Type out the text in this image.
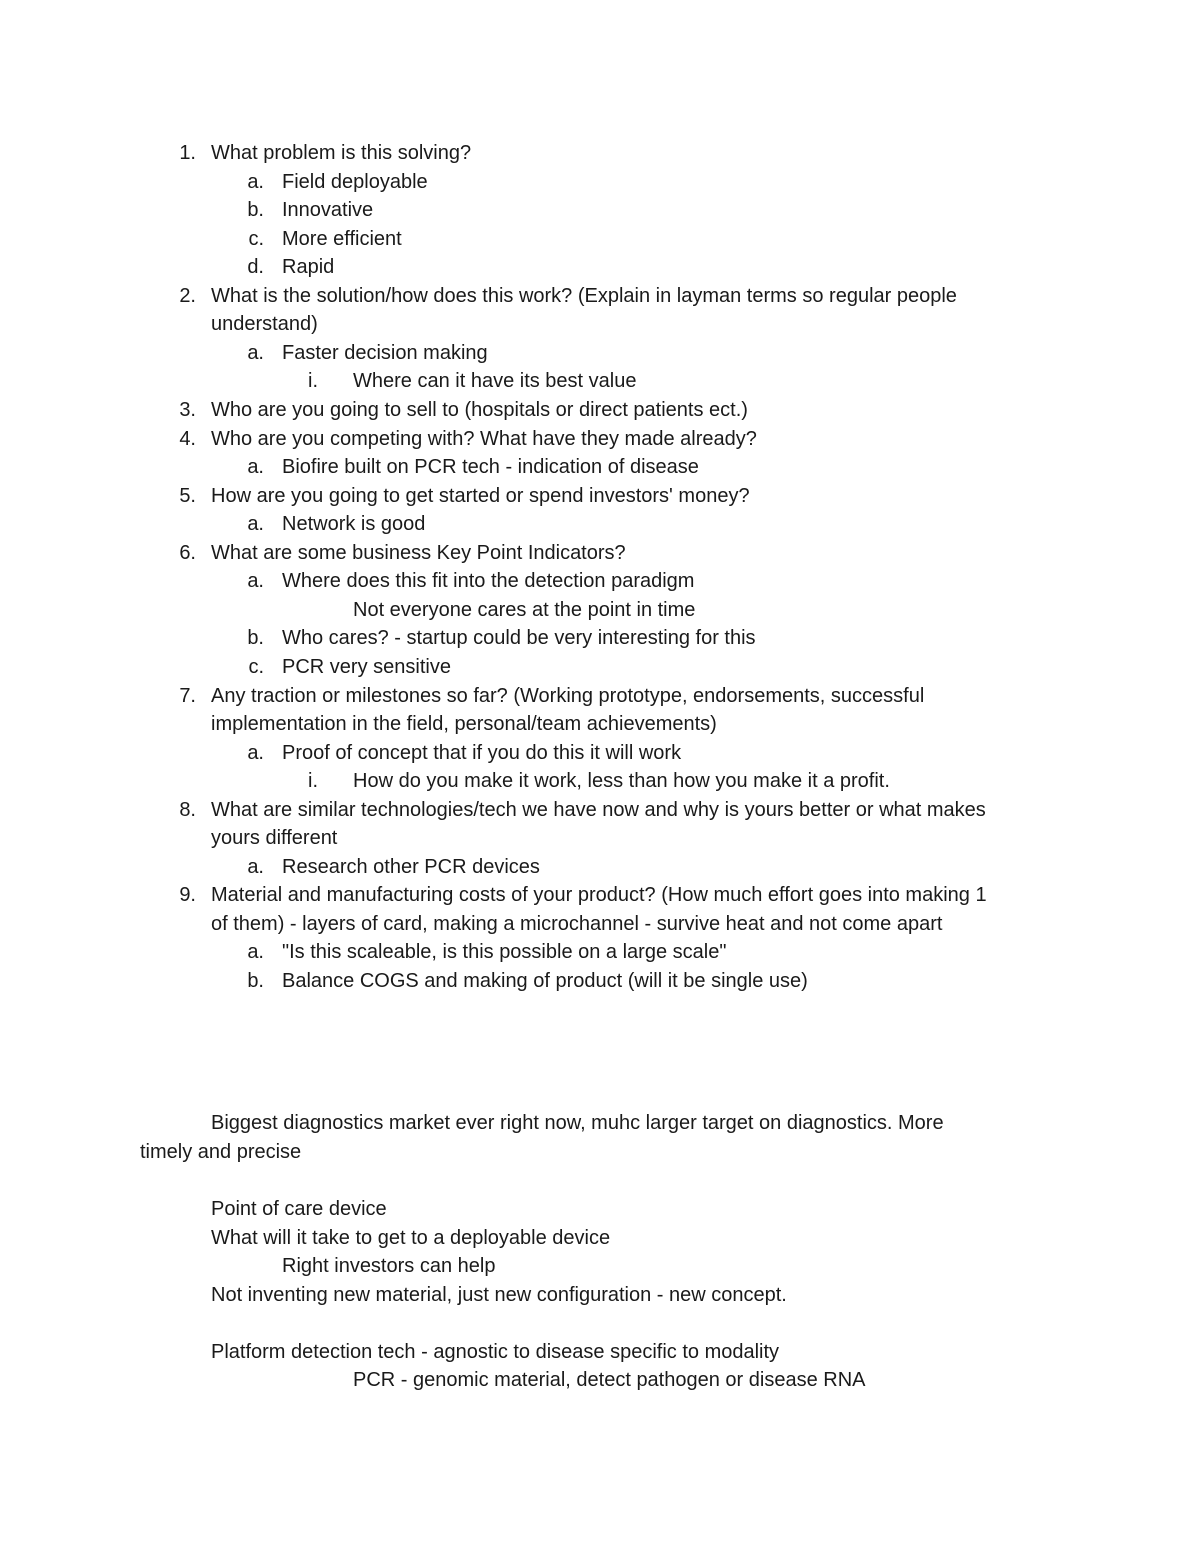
1. What problem is this solving?
a. Field deployable
b. Innovative
c. More efficient
d. Rapid
2. What is the solution/how does this work? (Explain in layman terms so regular people
understand)
a. Faster decision making
i. Where can it have its best value
3. Who are you going to sell to (hospitals or direct patients ect.)
4. Who are you competing with? What have they made already?
a. Biofire built on PCR tech - indication of disease
5. How are you going to get started or spend investors' money?
a. Network is good
6. What are some business Key Point Indicators?
a. Where does this fit into the detection paradigm
Not everyone cares at the point in time
b. Who cares? - startup could be very interesting for this
c. PCR very sensitive
7. Any traction or milestones so far? (Working prototype, endorsements, successful
implementation in the field, personal/team achievements)
a. Proof of concept that if you do this it will work
i. How do you make it work, less than how you make it a profit.
8. What are similar technologies/tech we have now and why is yours better or what makes
yours different
a. Research other PCR devices
9. Material and manufacturing costs of your product? (How much effort goes into making 1
of them) - layers of card, making a microchannel - survive heat and not come apart
a. "Is this scaleable, is this possible on a large scale"
b. Balance COGS and making of product (will it be single use)
Biggest diagnostics market ever right now, muhc larger target on diagnostics. More
timely and precise
Point of care device
What will it take to get to a deployable device
Right investors can help
Not inventing new material, just new configuration - new concept.
Platform detection tech - agnostic to disease specific to modality
PCR - genomic material, detect pathogen or disease RNA
